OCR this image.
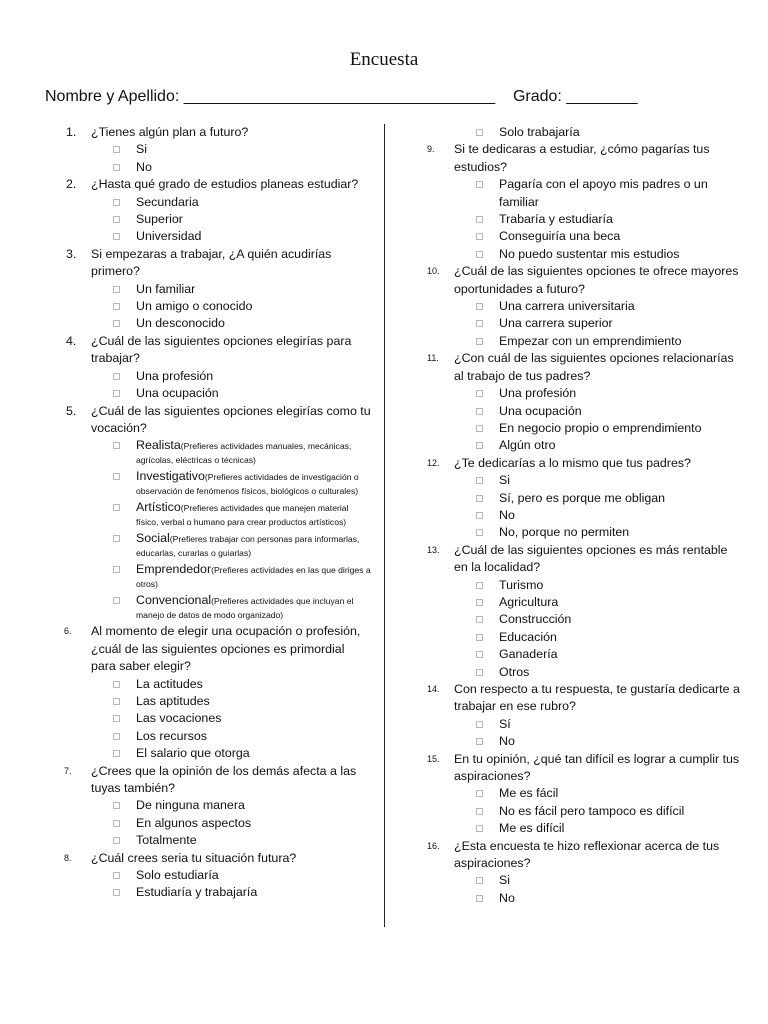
Encuesta
Nombre y Apellido: ___________________________________    Grado: ________
1. ¿Tienes algún plan a futuro?
Si
No
2. ¿Hasta qué grado de estudios planeas estudiar?
Secundaria
Superior
Universidad
3. Si empezaras a trabajar, ¿A quién acudirías primero?
Un familiar
Un amigo o conocido
Un desconocido
4. ¿Cuál de las siguientes opciones elegirías para trabajar?
Una profesión
Una ocupación
5. ¿Cuál de las siguientes opciones elegirías como tu vocación?
Realista(Prefieres actividades manuales, mecánicas, agrícolas, eléctricas o técnicas)
Investigativo(Prefieres actividades de investigación o observación de fenómenos físicos, biológicos o culturales)
Artístico(Prefieres actividades que manejen material físico, verbal o humano para crear productos artísticos)
Social(Prefieres trabajar con personas para informarlas, educarlas, curarlas o guiarlas)
Emprendedor(Prefieres actividades en las que diriges a otros)
Convencional(Prefieres actividades que incluyan el manejo de datos de modo organizado)
6. Al momento de elegir una ocupación o profesión, ¿cuál de las siguientes opciones es primordial para saber elegir?
La actitudes
Las aptitudes
Las vocaciones
Los recursos
El salario que otorga
7. ¿Crees que la opinión de los demás afecta a las tuyas también?
De ninguna manera
En algunos aspectos
Totalmente
8. ¿Cuál crees seria tu situación futura?
Solo estudiaría
Estudiaría y trabajaría
Solo trabajaría
9. Si te dedicaras a estudiar, ¿cómo pagarías tus estudios?
Pagaría con el apoyo mis padres o un familiar
Trabaría y estudiaría
Conseguiría una beca
No puedo sustentar mis estudios
10. ¿Cuál de las siguientes opciones te ofrece mayores oportunidades a futuro?
Una carrera universitaria
Una carrera superior
Empezar con un emprendimiento
11. ¿Con cuál de las siguientes opciones relacionarías al trabajo de tus padres?
Una profesión
Una ocupación
En negocio propio o emprendimiento
Algún otro
12. ¿Te dedicarías a lo mismo que tus padres?
Si
Sí, pero es porque me obligan
No
No, porque no permiten
13. ¿Cuál de las siguientes opciones es más rentable en la localidad?
Turismo
Agricultura
Construcción
Educación
Ganadería
Otros
14. Con respecto a tu respuesta, te gustaría dedicarte a trabajar en ese rubro?
Sí
No
15. En tu opinión, ¿qué tan difícil es lograr a cumplir tus aspiraciones?
Me es fácil
No es fácil pero tampoco es difícil
Me es difícil
16. ¿Esta encuesta te hizo reflexionar acerca de tus aspiraciones?
Si
No
